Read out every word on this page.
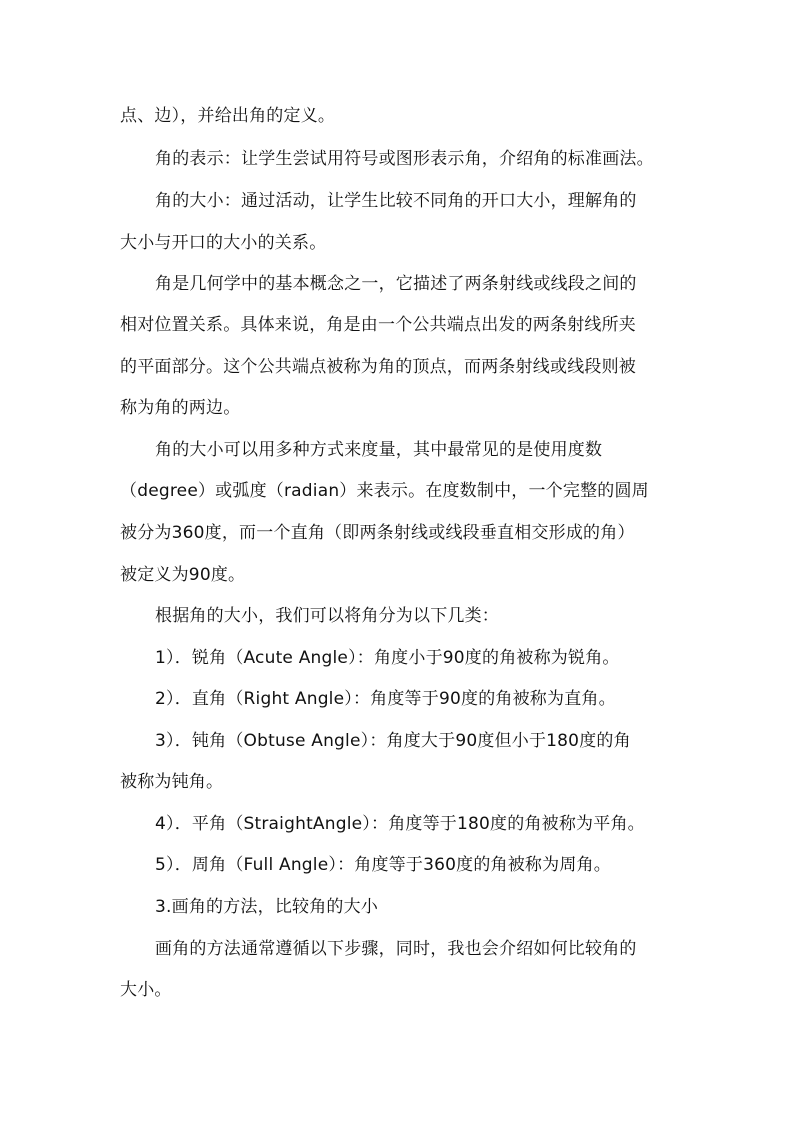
点、边），并给出角的定义。
角的表示：让学生尝试用符号或图形表示角，介绍角的标准画法。
角的大小：通过活动，让学生比较不同角的开口大小，理解角的
大小与开口的大小的关系。
角是几何学中的基本概念之一，它描述了两条射线或线段之间的
相对位置关系。具体来说，角是由一个公共端点出发的两条射线所夹
的平面部分。这个公共端点被称为角的顶点，而两条射线或线段则被
称为角的两边。
角的大小可以用多种方式来度量，其中最常见的是使用度数
（degree）或弧度（radian）来表示。在度数制中，一个完整的圆周
被分为360度，而一个直角（即两条射线或线段垂直相交形成的角）
被定义为90度。
根据角的大小，我们可以将角分为以下几类：
1）．锐角（Acute Angle）：角度小于90度的角被称为锐角。
2）．直角（Right Angle）：角度等于90度的角被称为直角。
3）．钝角（Obtuse Angle）：角度大于90度但小于180度的角
被称为钝角。
4）．平角（StraightAngle）：角度等于180度的角被称为平角。
5）．周角（Full Angle）：角度等于360度的角被称为周角。
3.画角的方法，比较角的大小
画角的方法通常遵循以下步骤，同时，我也会介绍如何比较角的
大小。
